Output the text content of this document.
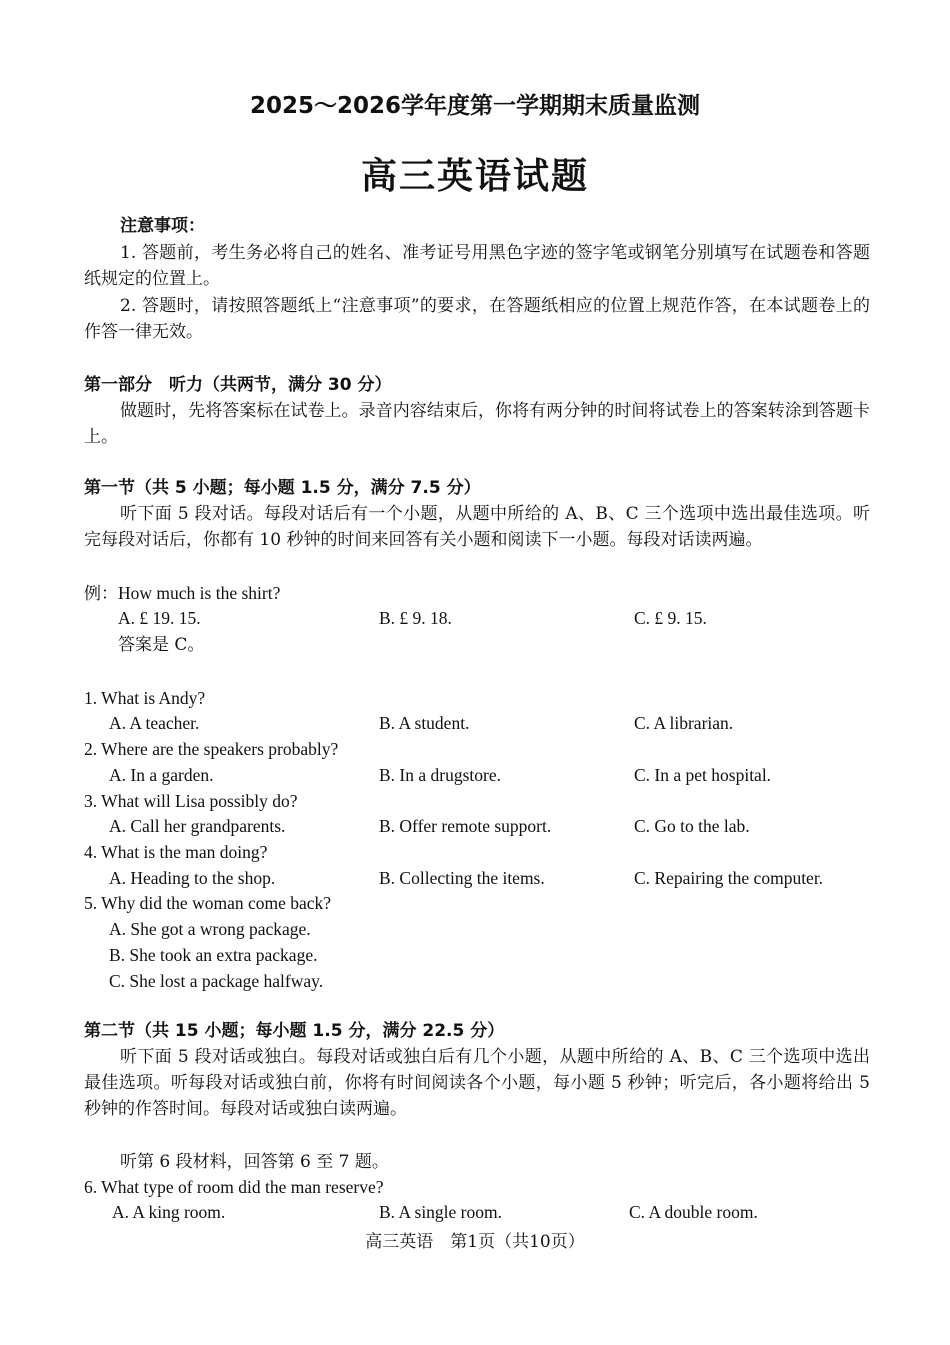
2025～2026学年度第一学期期末质量监测
高三英语试题
注意事项：
1. 答题前，考生务必将自己的姓名、准考证号用黑色字迹的签字笔或钢笔分别填写在试题卷和答题纸规定的位置上。
2. 答题时，请按照答题纸上“注意事项”的要求，在答题纸相应的位置上规范作答，在本试题卷上的作答一律无效。
第一部分　听力（共两节，满分 30 分）
做题时，先将答案标在试卷上。录音内容结束后，你将有两分钟的时间将试卷上的答案转涂到答题卡上。
第一节（共 5 小题；每小题 1.5 分，满分 7.5 分）
听下面 5 段对话。每段对话后有一个小题，从题中所给的 A、B、C 三个选项中选出最佳选项。听完每段对话后，你都有 10 秒钟的时间来回答有关小题和阅读下一小题。每段对话读两遍。
例： How much is the shirt?
A. £ 19. 15.	B. £ 9. 18.	C. £ 9. 15.
答案是 C。
1. What is Andy?
A. A teacher.	B. A student.	C. A librarian.
2. Where are the speakers probably?
A. In a garden.	B. In a drugstore.	C. In a pet hospital.
3. What will Lisa possibly do?
A. Call her grandparents.	B. Offer remote support.	C. Go to the lab.
4. What is the man doing?
A. Heading to the shop.	B. Collecting the items.	C. Repairing the computer.
5. Why did the woman come back?
A. She got a wrong package.
B. She took an extra package.
C. She lost a package halfway.
第二节（共 15 小题；每小题 1.5 分，满分 22.5 分）
听下面 5 段对话或独白。每段对话或独白后有几个小题，从题中所给的 A、B、C 三个选项中选出最佳选项。听每段对话或独白前，你将有时间阅读各个小题，每小题 5 秒钟；听完后，各小题将给出 5 秒钟的作答时间。每段对话或独白读两遍。
听第 6 段材料，回答第 6 至 7 题。
6. What type of room did the man reserve?
A. A king room.	B. A single room.	C. A double room.
高三英语　第1页（共10页）
